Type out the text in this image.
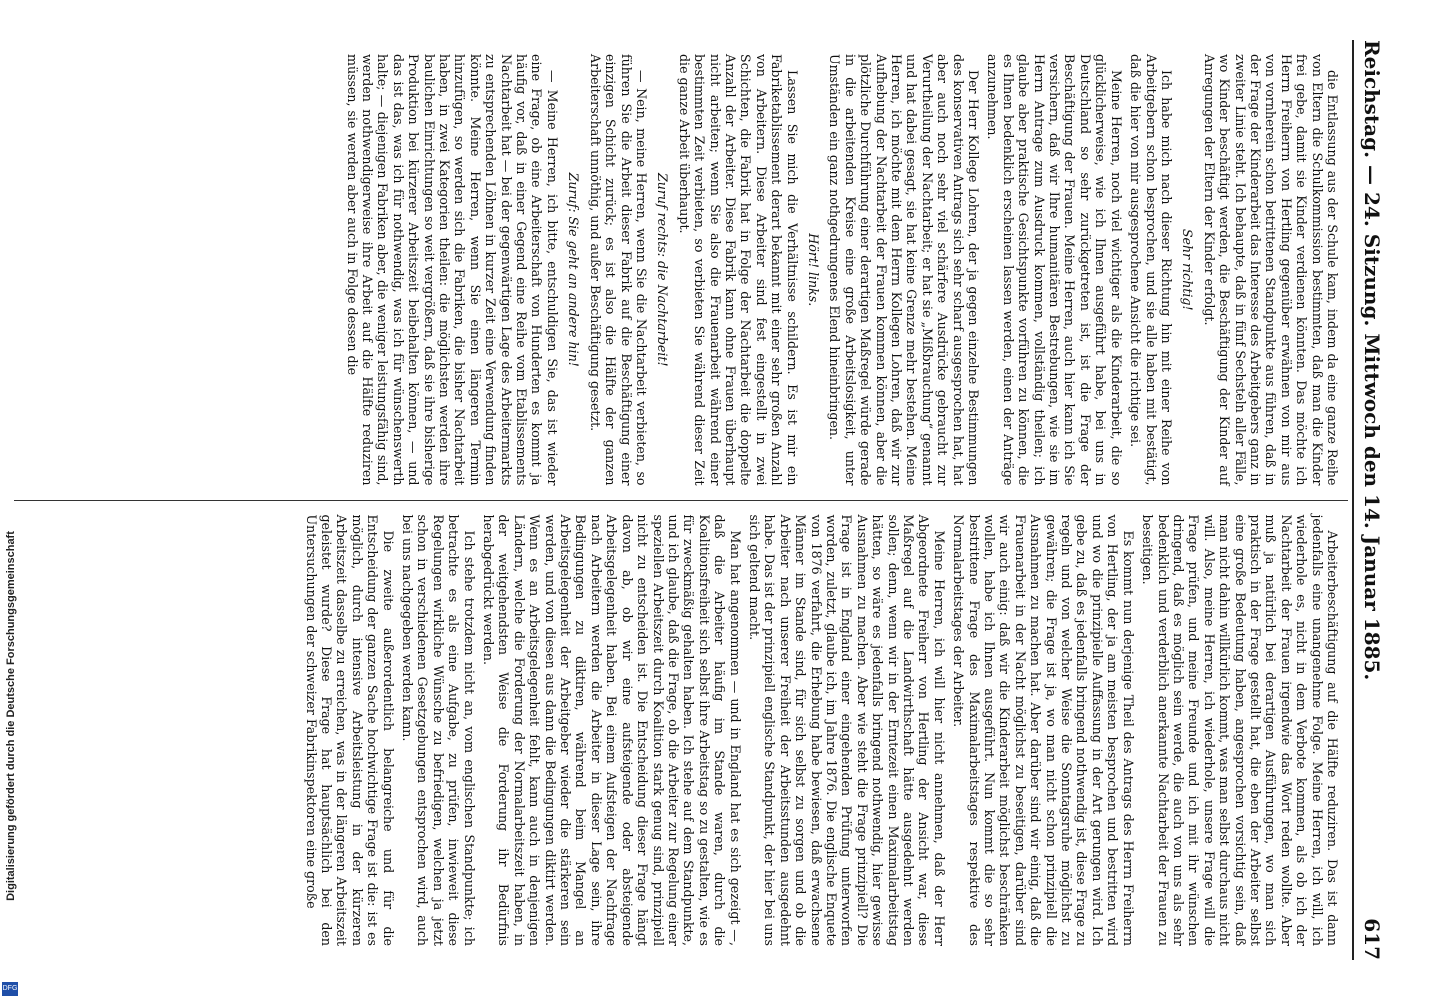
Reichstag. — 24. Sitzung. Mittwoch den 14. Januar 1885.
617

die Entlassung aus der Schule kam, indem da eine ganze Reihe von Eltern die Schulkommission bestimmten, daß man die Kinder frei gebe, damit sie Kinder verdienen könnten. Das möchte ich Herrn Freiherrn von Hertling gegenüber erwähnen von mir aus von vornherein schon betrittenen Standpunkte aus führen, daß in der Frage der Kinderarbeit das Interesse des Arbeitgebers ganz in zweiter Linie steht. Ich behaupte, daß in fünf Sechsteln aller Fälle, wo Kinder beschäftigt werden, die Beschäftigung der Kinder auf Anregungen der Eltern der Kinder erfolgt.

Sehr richtig!

Ich habe mich nach dieser Richtung hin mit einer Reihe von Arbeitgebern schon besprochen, und sie alle haben mit bestätigt, daß die hier von mir ausgesprochene Ansicht die richtige sei.

Meine Herren, noch viel wichtiger als die Kinderarbeit, die so glücklicherweise, wie ich Ihnen ausgeführt habe, bei uns in Deutschland so sehr zurückgetreten ist, ist die Frage der Beschäftigung der Frauen. Meine Herren, auch hier kann ich Sie versichern, daß wir Ihre humanitären Bestrebungen, wie sie im Herrn Antrage zum Ausdruck kommen, vollständig theilen; ich glaube aber praktische Gesichtspunkte vorführen zu können, die es Ihnen bedenklich erscheinen lassen werden, einen der Anträge anzunehmen.

Der Herr Kollege Lohren, der ja gegen einzelne Bestimmungen des konservativen Antrags sich sehr scharf ausgesprochen hat, hat aber auch noch sehr viel schärfere Ausdrücke gebraucht zur Verurtheilung der Nachtarbeit; er hat sie „Mißbrauchung“ genannt und hat dabei gesagt, sie hat keine Grenze mehr bestehen. Meine Herren, ich möchte mit dem Herrn Kollegen Lohren, daß wir zur Aufhebung der Nachtarbeit der Frauen kommen können, aber die plötzliche Durchführung einer derartigen Maßregel würde gerade in die arbeitenden Kreise eine große Arbeitslosigkeit, unter Umständen ein ganz nothgedrungenes Elend hineinbringen.

Hört! links.

Lassen Sie mich die Verhältnisse schildern. Es ist mir ein Fabriketablissement derart bekannt mit einer sehr großen Anzahl von Arbeitern. Diese Arbeiter sind fest eingestellt in zwei Schichten, die Fabrik hat in Folge der Nachtarbeit die doppelte Anzahl der Arbeiter. Diese Fabrik kann ohne Frauen überhaupt nicht arbeiten; wenn Sie also die Frauenarbeit während einer bestimmten Zeit verbieten, so verbieten Sie während dieser Zeit die ganze Arbeit überhaupt.

Zuruf rechts: die Nachtarbeit!

— Nein, meine Herren, wenn Sie die Nachtarbeit verbieten, so führen Sie die Arbeit dieser Fabrik auf die Beschäftigung einer einzigen Schicht zurück; es ist also die Hälfte der ganzen Arbeiterschaft unnöthig, und außer Beschäftigung gesetzt.

Zuruf: Sie geht an andere hin!

— Meine Herren, ich bitte, entschuldigen Sie, das ist wieder eine Frage, ob eine Arbeiterschaft von Hunderten es kommt ja häufig vor, daß in einer Gegend eine Reihe vom Etablissements Nachtarbeit hat — bei der gegenwärtigen Lage des Arbeitermarkts zu entsprechenden Löhnen in kurzer Zeit eine Verwendung finden könnte. Meine Herren, wenn Sie einen längeren Termin hinzufügen, so werden sich die Fabriken, die bisher Nachtarbeit haben, in zwei Kategorien theilen: die möglichsten werden ihre baulichen Einrichtungen so weit vergrößern, daß sie ihre bisherige Produktion bei kürzerer Arbeitszeit beibehalten können, — und das ist das, was ich für nothwendig, was ich für wünschenswerth halte; — diejenigen Fabriken aber, die weniger leistungsfähig sind, werden nothwendigerweise ihre Arbeit auf die Hälfte reduziren müssen, sie werden aber auch in Folge dessen die

Arbeiterbeschäftigung auf die Hälfte reduziren. Das ist dann jedenfalls eine unangenehme Folge. Meine Herren, ich will, ich wiederhole es, nicht in dem Verbote kommen, als ob ich der Nachtarbeit der Frauen irgendwie das Wort reden wollte. Aber muß ja natürlich bei derartigen Ausführungen, wo man sich praktisch in der Frage gestellt hat, die eben der Arbeiter selbst eine große Bedeutung haben, angesprochen vorsichtig sein, daß man nicht dahin willkürlich kommt, was man selbst durchaus nicht will. Also, meine Herren, ich wiederhole, unsere Frage will die Frage prüfen, und meine Freunde und ich mit ihr wünschen dringend, daß es möglich sein werde, die auch von uns als sehr bedenklich und verderblich anerkannte Nachtarbeit der Frauen zu beseitigen.

Es kommt nun derjenige Theil des Antrags des Herrn Freiherrn von Hertling, der ja am meisten besprochen und bestritten wird und wo die prinzipielle Auffassung in der Art gerungen wird. Ich gebe zu, daß es jedenfalls bringend nothwendig ist, diese Frage zu regeln und von welcher Weise die Sonntagsruhe möglichst zu gewähren; die Frage ist ja, wo man nicht schon prinzipiell die Ausnahmen zu machen hat. Aber darüber sind wir einig, daß die Frauenarbeit in der Nacht möglichst zu beseitigen, darüber sind wir auch einig: daß wir die Kinderarbeit möglichst beschränken wollen, habe ich Ihnen ausgeführt. Nun kommt die so sehr bestrittene Frage des Maximalarbeitstages respektive des Normalarbeitstages der Arbeiter.

Meine Herren, ich will hier nicht annehmen, daß der Herr Abgeordnete Freiherr von Hertling der Ansicht war, diese Maßregel auf die Landwirthschaft hätte ausgedehnt werden sollen; denn, wenn wir in der Erntezeit einen Maximalarbeitstag hätten, so wäre es jedenfalls bringend nothwendig, hier gewisse Ausnahmen zu machen. Aber wie steht die Frage prinzipiell? Die Frage ist in England einer eingehenden Prüfung unterworfen worden, zuletzt, glaube ich, im Jahre 1876. Die englische Enquete von 1876 verfahrt, die Erhebung habe bewiesen, daß erwachsene Männer im Stande sind, für sich selbst zu sorgen und ob die Arbeiter nach unserer Freiheit der Arbeitsstunden ausgedehnt habe. Das ist der prinzipiell englische Standpunkt, der hier bei uns sich geltend macht.

Man hat angenommen — und in England hat es sich gezeigt —, daß die Arbeiter häufig im Stande waren, durch die Koalitionsfreiheit sich selbst ihre Arbeitstag so zu gestalten, wie es für zweckmäßig gehalten haben. Ich stehe auf dem Standpunkte, und ich glaube, daß die Frage, ob die Arbeiter zur Regelung einer speziellen Arbeitszeit durch Koalition stark genug sind, prinzipiell nicht zu entscheiden ist. Die Entscheidung dieser Frage hängt davon ab, ob wir eine aufsteigende oder absteigende Arbeitsgelegenheit haben. Bei einem Aufsteigen der Nachfrage nach Arbeitern werden die Arbeiter in dieser Lage sein, ihre Bedingungen zu diktiren, während beim Mangel an Arbeitsgelegenheit der Arbeitgeber wieder die stärkeren sein werden, und von diesen aus dann die Bedingungen diktirt werden. Wenn es an Arbeitsgelegenheit fehlt, kann auch in denjenigen Ländern, welche die Forderung der Normalarbeitszeit haben, in der weitgehendsten Weise die Forderung ihr Bedürfnis herabgedrückt werden.

Ich stehe trotzdem nicht an, vom englischen Standpunkte; ich betrachte es als eine Aufgabe, zu prüfen, inwieweit diese Regelungen wirkliche Wünsche zu befriedigen, welchen ja jetzt schon in verschiedenen Gesetzgebungen entsprochen wird, auch bei uns nachgegeben werden kann.

Die zweite außerordentlich belangreiche und für die Entscheidung der ganzen Sache hochwichtige Frage ist die: ist es möglich, durch intensive Arbeitsleistung in der kürzeren Arbeitszeit dasselbe zu erreichen, was in der längeren Arbeitszeit geleistet wurde? Diese Frage hat hauptsächlich bei den Untersuchungen der schweizer Fabrikinspektoren eine große

Digitalisierung gefördert durch die Deutsche Forschungsgemeinschaft
DFG
